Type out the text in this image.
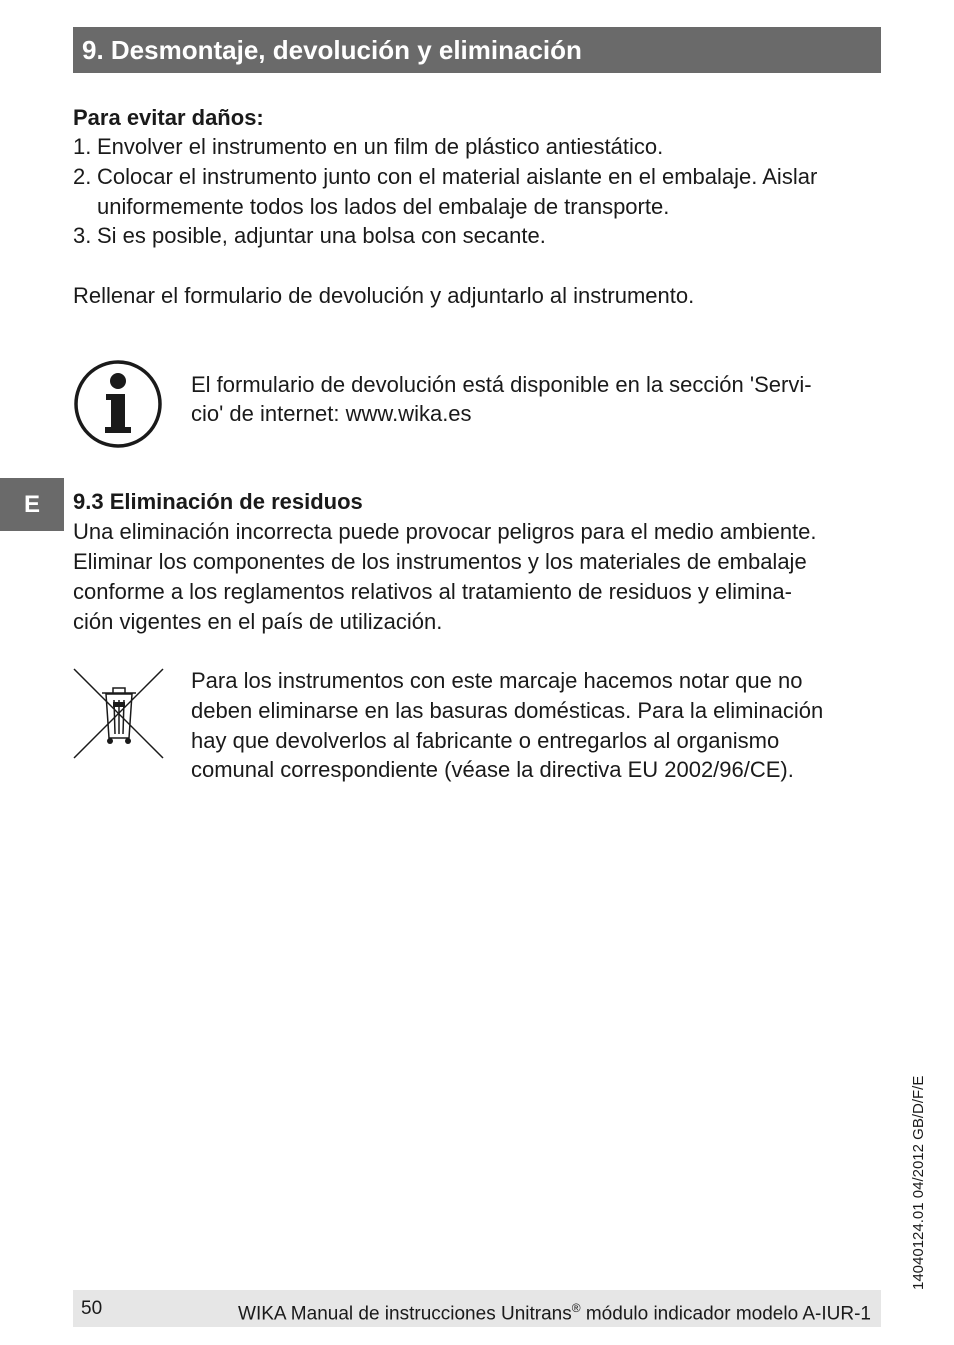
9. Desmontaje, devolución y eliminación
Para evitar daños:
1. Envolver el instrumento en un film de plástico antiestático.
2. Colocar el instrumento junto con el material aislante en el embalaje. Aislar
uniformemente todos los lados del embalaje de transporte.
3. Si es posible, adjuntar una bolsa con secante.
Rellenar el formulario de devolución y adjuntarlo al instrumento.
El formulario de devolución está disponible en la sección 'Servi-
cio' de internet: www.wika.es
E	9.3 Eliminación de residuos
Una eliminación incorrecta puede provocar peligros para el medio ambiente.
Eliminar los componentes de los instrumentos y los materiales de embalaje
conforme a los reglamentos relativos al tratamiento de residuos y elimina-
ción vigentes en el país de utilización.
Para los instrumentos con este marcaje hacemos notar que no
deben eliminarse en las basuras domésticas. Para la eliminación
hay que devolverlos al fabricante o entregarlos al organismo
comunal correspondiente (véase la directiva EU 2002/96/CE).
14040124.01 04/2012 GB/D/F/E
50	WIKA Manual de instrucciones Unitrans® módulo indicador modelo A-IUR-1
